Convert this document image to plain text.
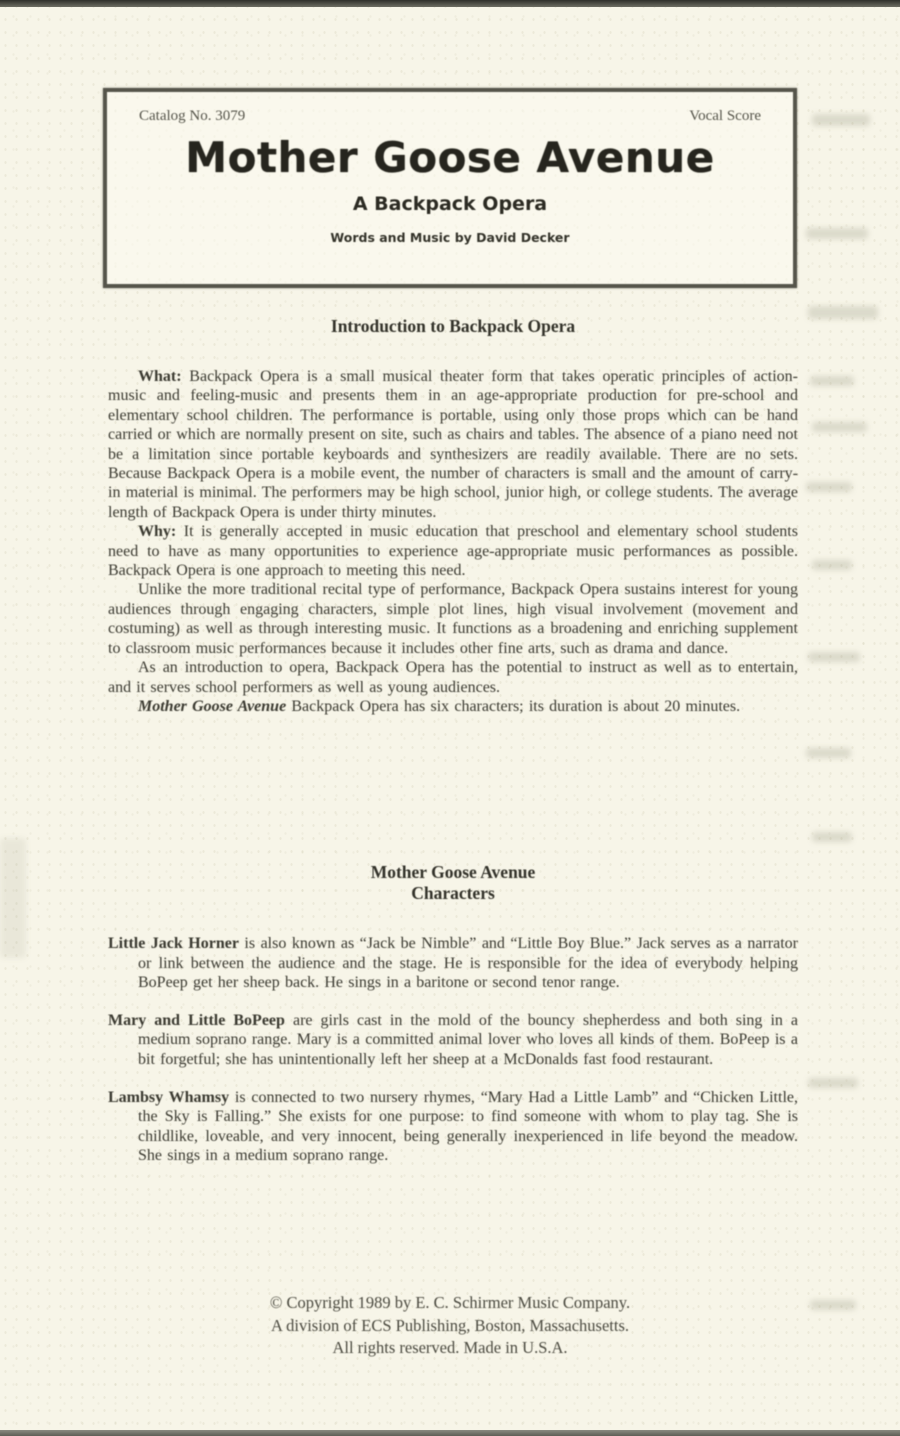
Catalog No. 3079	Vocal Score
Mother Goose Avenue
A Backpack Opera
Words and Music by David Decker
Introduction to Backpack Opera

What: Backpack Opera is a small musical theater form that takes operatic principles of action-music and feeling-music and presents them in an age-appropriate production for pre-school and elementary school children. The performance is portable, using only those props which can be hand carried or which are normally present on site, such as chairs and tables. The absence of a piano need not be a limitation since portable keyboards and synthesizers are readily available. There are no sets. Because Backpack Opera is a mobile event, the number of characters is small and the amount of carry-in material is minimal. The performers may be high school, junior high, or college students. The average length of Backpack Opera is under thirty minutes.

Why: It is generally accepted in music education that preschool and elementary school students need to have as many opportunities to experience age-appropriate music performances as possible. Backpack Opera is one approach to meeting this need.

Unlike the more traditional recital type of performance, Backpack Opera sustains interest for young audiences through engaging characters, simple plot lines, high visual involvement (movement and costuming) as well as through interesting music. It functions as a broadening and enriching supplement to classroom music performances because it includes other fine arts, such as drama and dance.

As an introduction to opera, Backpack Opera has the potential to instruct as well as to entertain, and it serves school performers as well as young audiences.

Mother Goose Avenue Backpack Opera has six characters; its duration is about 20 minutes.

Mother Goose Avenue
Characters

Little Jack Horner is also known as “Jack be Nimble” and “Little Boy Blue.” Jack serves as a narrator or link between the audience and the stage. He is responsible for the idea of everybody helping BoPeep get her sheep back. He sings in a baritone or second tenor range.

Mary and Little BoPeep are girls cast in the mold of the bouncy shepherdess and both sing in a medium soprano range. Mary is a committed animal lover who loves all kinds of them. BoPeep is a bit forgetful; she has unintentionally left her sheep at a McDonalds fast food restaurant.

Lambsy Whamsy is connected to two nursery rhymes, “Mary Had a Little Lamb” and “Chicken Little, the Sky is Falling.” She exists for one purpose: to find someone with whom to play tag. She is childlike, loveable, and very innocent, being generally inexperienced in life beyond the meadow. She sings in a medium soprano range.

© Copyright 1989 by E. C. Schirmer Music Company.
A division of ECS Publishing, Boston, Massachusetts.
All rights reserved. Made in U.S.A.
